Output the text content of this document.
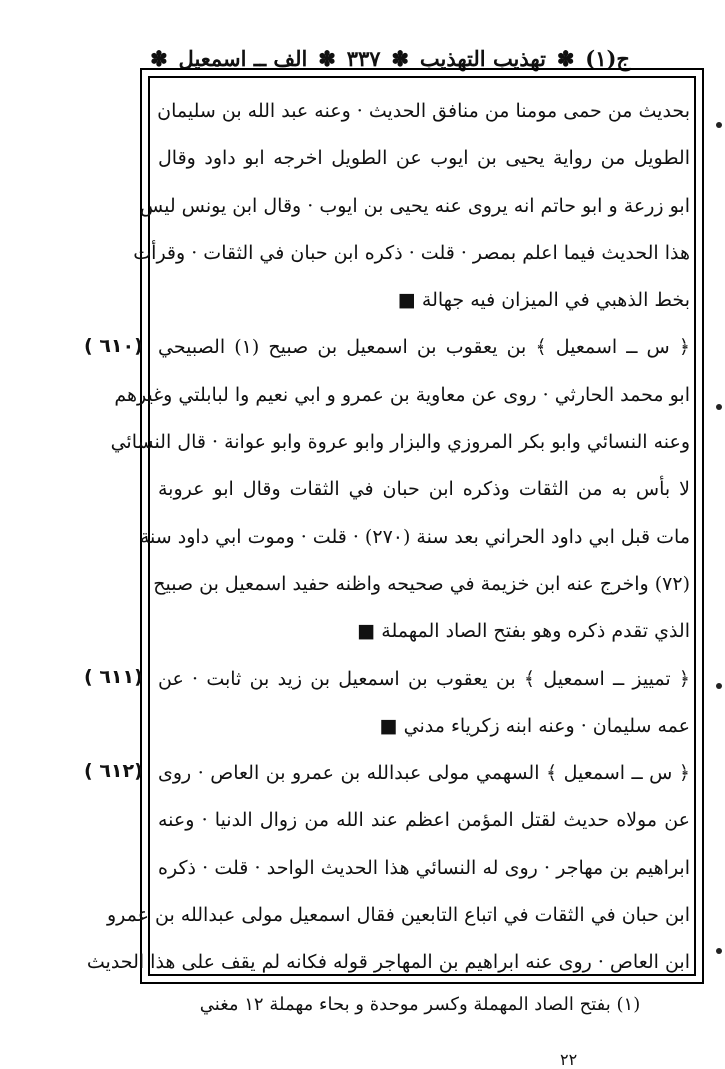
ج(١)
✽
تهذيب التهذيب
✽
٣٣٧
✽
الف ــ اسمعيل
✽
بحديث من حمى مومنا من منافق الحديث · وعنه عبد الله بن سليمان
الطويل من رواية يحيى بن ايوب عن الطويل اخرجه ابو داود وقال
ابو زرعة و ابو حاتم انه يروى عنه يحيى بن ايوب · وقال ابن يونس ليس
هذا الحديث فيما اعلم بمصر · قلت · ذكره ابن حبان في الثقات · وقرأت
بخط الذهبي في الميزان فيه جهالة ■
﴿ س ــ اسمعيل ﴾ بن يعقوب بن اسمعيل بن صبيح (١) الصبيحي
ابو محمد الحارثي · روى عن معاوية بن عمرو و ابي نعيم وا لبابلتي وغيرهم
وعنه النسائي وابو بكر المروزي والبزار وابو عروة وابو عوانة · قال النسائي
لا بأس به من الثقات وذكره ابن حبان في الثقات وقال ابو عروبة
مات قبل ابي داود الحراني بعد سنة (٢٧٠) · قلت · وموت ابي داود سنة
(٧٢) واخرج عنه ابن خزيمة في صحيحه واظنه حفيد اسمعيل بن صبيح
الذي تقدم ذكره وهو بفتح الصاد المهملة ■
﴿ تمييز ــ اسمعيل ﴾ بن يعقوب بن اسمعيل بن زيد بن ثابت · عن
عمه سليمان · وعنه ابنه زكرياء مدني ■
﴿ س ــ اسمعيل ﴾ السهمي مولى عبدالله بن عمرو بن العاص · روى
عن مولاه حديث لقتل المؤمن اعظم عند الله من زوال الدنيا · وعنه
ابراهيم بن مهاجر · روى له النسائي هذا الحديث الواحد · قلت · ذكره
ابن حبان في الثقات في اتباع التابعين فقال اسمعيل مولى عبدالله بن عمرو
ابن العاص · روى عنه ابراهيم بن المهاجر قوله فكانه لم يقف على هذا الحديث
( ٦١٠)
( ٦١١)
( ٦١٢)
(١) بفتح الصاد المهملة وكسر موحدة و بحاء مهملة ١٢ مغني
٢٢
